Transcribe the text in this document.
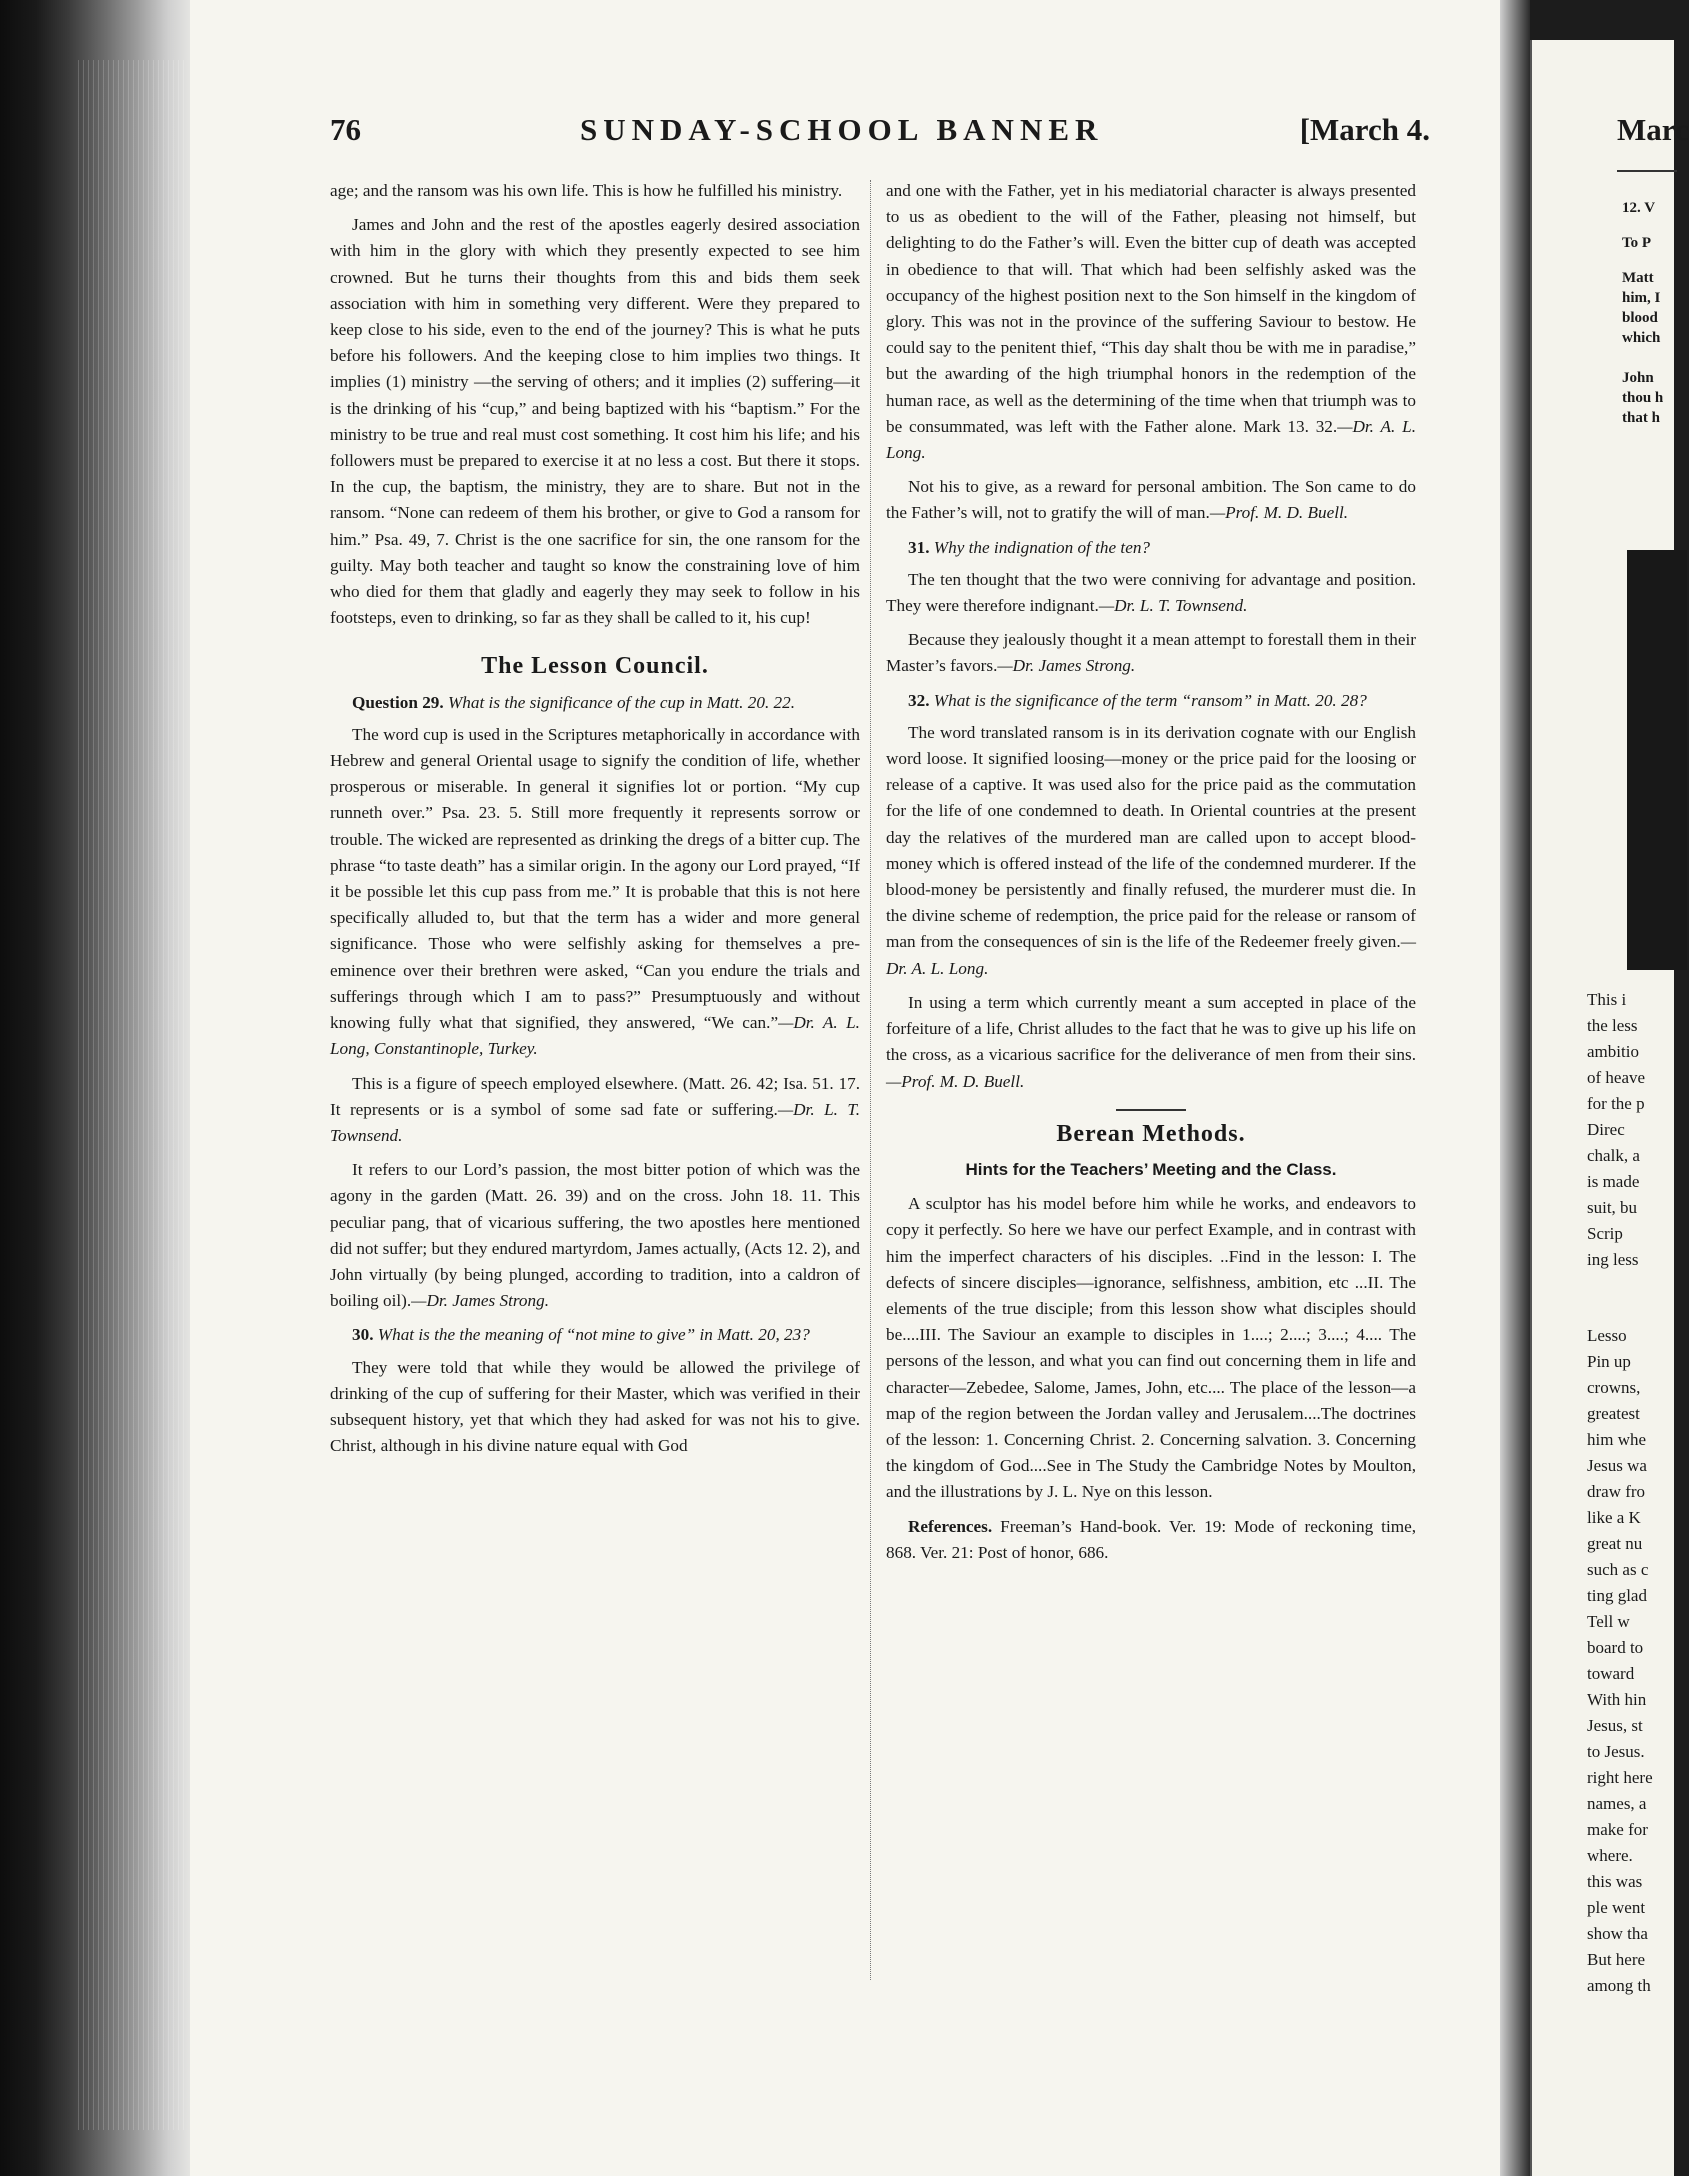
76	SUNDAY-SCHOOL BANNER	[March 4.

age; and the ransom was his own life. This is how he fulfilled his ministry.

James and John and the rest of the apostles eagerly desired association with him in the glory with which they presently expected to see him crowned. But he turns their thoughts from this and bids them seek association with him in something very different. Were they prepared to keep close to his side, even to the end of the journey? This is what he puts before his followers. And the keeping close to him implies two things. It implies (1) ministry —the serving of others; and it implies (2) suffering—it is the drinking of his “cup,” and being baptized with his “baptism.” For the ministry to be true and real must cost something. It cost him his life; and his followers must be prepared to exercise it at no less a cost. But there it stops. In the cup, the baptism, the ministry, they are to share. But not in the ransom. “None can redeem of them his brother, or give to God a ransom for him.” Psa. 49, 7. Christ is the one sacrifice for sin, the one ransom for the guilty. May both teacher and taught so know the constraining love of him who died for them that gladly and eagerly they may seek to follow in his footsteps, even to drinking, so far as they shall be called to it, his cup!

The Lesson Council.

Question 29. What is the significance of the cup in Matt. 20. 22.

The word cup is used in the Scriptures metaphorically in accordance with Hebrew and general Oriental usage to signify the condition of life, whether prosperous or miserable. In general it signifies lot or portion. “My cup runneth over.” Psa. 23. 5. Still more frequently it represents sorrow or trouble. The wicked are represented as drinking the dregs of a bitter cup. The phrase “to taste death” has a similar origin. In the agony our Lord prayed, “If it be possible let this cup pass from me.” It is probable that this is not here specifically alluded to, but that the term has a wider and more general significance. Those who were selfishly asking for themselves a pre-eminence over their brethren were asked, “Can you endure the trials and sufferings through which I am to pass?” Presumptuously and without knowing fully what that signified, they answered, “We can.”—Dr. A. L. Long, Constantinople, Turkey.

This is a figure of speech employed elsewhere. (Matt. 26. 42; Isa. 51. 17. It represents or is a symbol of some sad fate or suffering.—Dr. L. T. Townsend.

It refers to our Lord’s passion, the most bitter potion of which was the agony in the garden (Matt. 26. 39) and on the cross. John 18. 11. This peculiar pang, that of vicarious suffering, the two apostles here mentioned did not suffer; but they endured martyrdom, James actually, (Acts 12. 2), and John virtually (by being plunged, according to tradition, into a caldron of boiling oil).—Dr. James Strong.

30. What is the the meaning of “not mine to give” in Matt. 20, 23?

They were told that while they would be allowed the privilege of drinking of the cup of suffering for their Master, which was verified in their subsequent history, yet that which they had asked for was not his to give. Christ, although in his divine nature equal with God

and one with the Father, yet in his mediatorial character is always presented to us as obedient to the will of the Father, pleasing not himself, but delighting to do the Father’s will. Even the bitter cup of death was accepted in obedience to that will. That which had been selfishly asked was the occupancy of the highest position next to the Son himself in the kingdom of glory. This was not in the province of the suffering Saviour to bestow. He could say to the penitent thief, “This day shalt thou be with me in paradise,” but the awarding of the high triumphal honors in the redemption of the human race, as well as the determining of the time when that triumph was to be consummated, was left with the Father alone. Mark 13. 32.—Dr. A. L. Long.

Not his to give, as a reward for personal ambition. The Son came to do the Father’s will, not to gratify the will of man.—Prof. M. D. Buell.

31. Why the indignation of the ten?

The ten thought that the two were conniving for advantage and position. They were therefore indignant.—Dr. L. T. Townsend.

Because they jealously thought it a mean attempt to forestall them in their Master’s favors.—Dr. James Strong.

32. What is the significance of the term “ransom” in Matt. 20. 28?

The word translated ransom is in its derivation cognate with our English word loose. It signified loosing—money or the price paid for the loosing or release of a captive. It was used also for the price paid as the commutation for the life of one condemned to death. In Oriental countries at the present day the relatives of the murdered man are called upon to accept blood-money which is offered instead of the life of the condemned murderer. If the blood-money be persistently and finally refused, the murderer must die. In the divine scheme of redemption, the price paid for the release or ransom of man from the consequences of sin is the life of the Redeemer freely given.—Dr. A. L. Long.

In using a term which currently meant a sum accepted in place of the forfeiture of a life, Christ alludes to the fact that he was to give up his life on the cross, as a vicarious sacrifice for the deliverance of men from their sins.—Prof. M. D. Buell.

Berean Methods.
Hints for the Teachers’ Meeting and the Class.

A sculptor has his model before him while he works, and endeavors to copy it perfectly. So here we have our perfect Example, and in contrast with him the imperfect characters of his disciples. ..Find in the lesson: I. The defects of sincere disciples—ignorance, selfishness, ambition, etc ...II. The elements of the true disciple; from this lesson show what disciples should be....III. The Saviour an example to disciples in 1....; 2....; 3....; 4.... The persons of the lesson, and what you can find out concerning them in life and character—Zebedee, Salome, James, John, etc.... The place of the lesson—a map of the region between the Jordan valley and Jerusalem....The doctrines of the lesson: 1. Concerning Christ. 2. Concerning salvation. 3. Concerning the kingdom of God....See in The Study the Cambridge Notes by Moulton, and the illustrations by J. L. Nye on this lesson.

References. Freeman’s Hand-book. Ver. 19: Mode of reckoning time, 868. Ver. 21: Post of honor, 686.

Marc
12. V
To P
Matt
him, I
blood
which
John
thou h
that h
This i
the less
ambitio
of heave
for the p
Direc
chalk, a
is made
suit, bu
Scrip
ing less
Lesso
Pin up
crowns,
greatest
him whe
Jesus wa
draw fro
like a K
great nu
such as c
ting glad
Tell w
board to
toward
With hin
Jesus, st
to Jesus.
right here
names, a
make for
where.
this was
ple went
show tha
But here
among th
